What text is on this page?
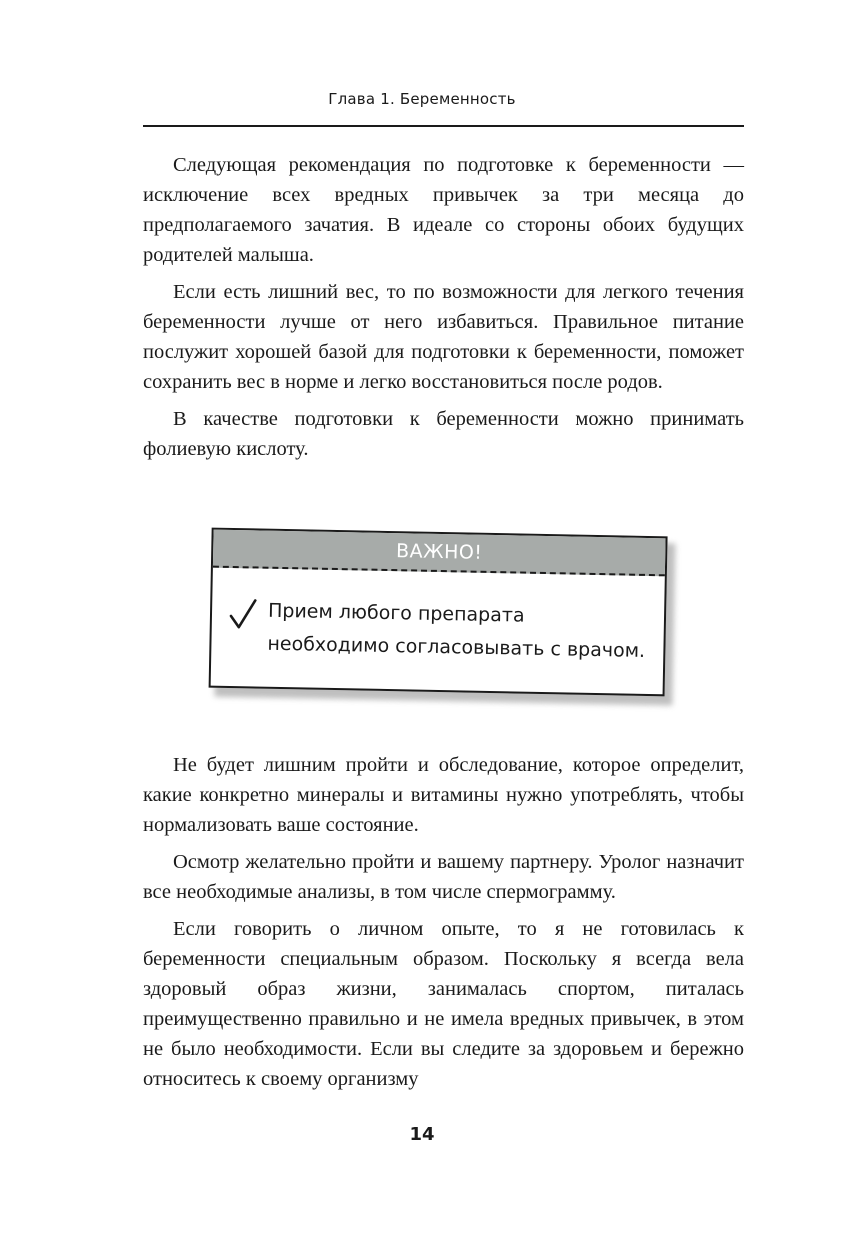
Глава 1. Беременность

Следующая рекомендация по подготовке к беременности — исключение всех вредных привычек за три месяца до предполагаемого зачатия. В идеале со стороны обоих будущих родителей малыша.

Если есть лишний вес, то по возможности для легкого течения беременности лучше от него избавиться. Правильное питание послужит хорошей базой для подготовки к беременности, поможет сохранить вес в норме и легко восстановиться после родов.

В качестве подготовки к беременности можно принимать фолиевую кислоту.

ВАЖНО!
Прием любого препарата необходимо согласовывать с врачом.

Не будет лишним пройти и обследование, которое определит, какие конкретно минералы и витамины нужно употреблять, чтобы нормализовать ваше состояние.

Осмотр желательно пройти и вашему партнеру. Уролог назначит все необходимые анализы, в том числе спермограмму.

Если говорить о личном опыте, то я не готовилась к беременности специальным образом. Поскольку я всегда вела здоровый образ жизни, занималась спортом, питалась преимущественно правильно и не имела вредных привычек, в этом не было необходимости. Если вы следите за здоровьем и бережно относитесь к своему организму

14
